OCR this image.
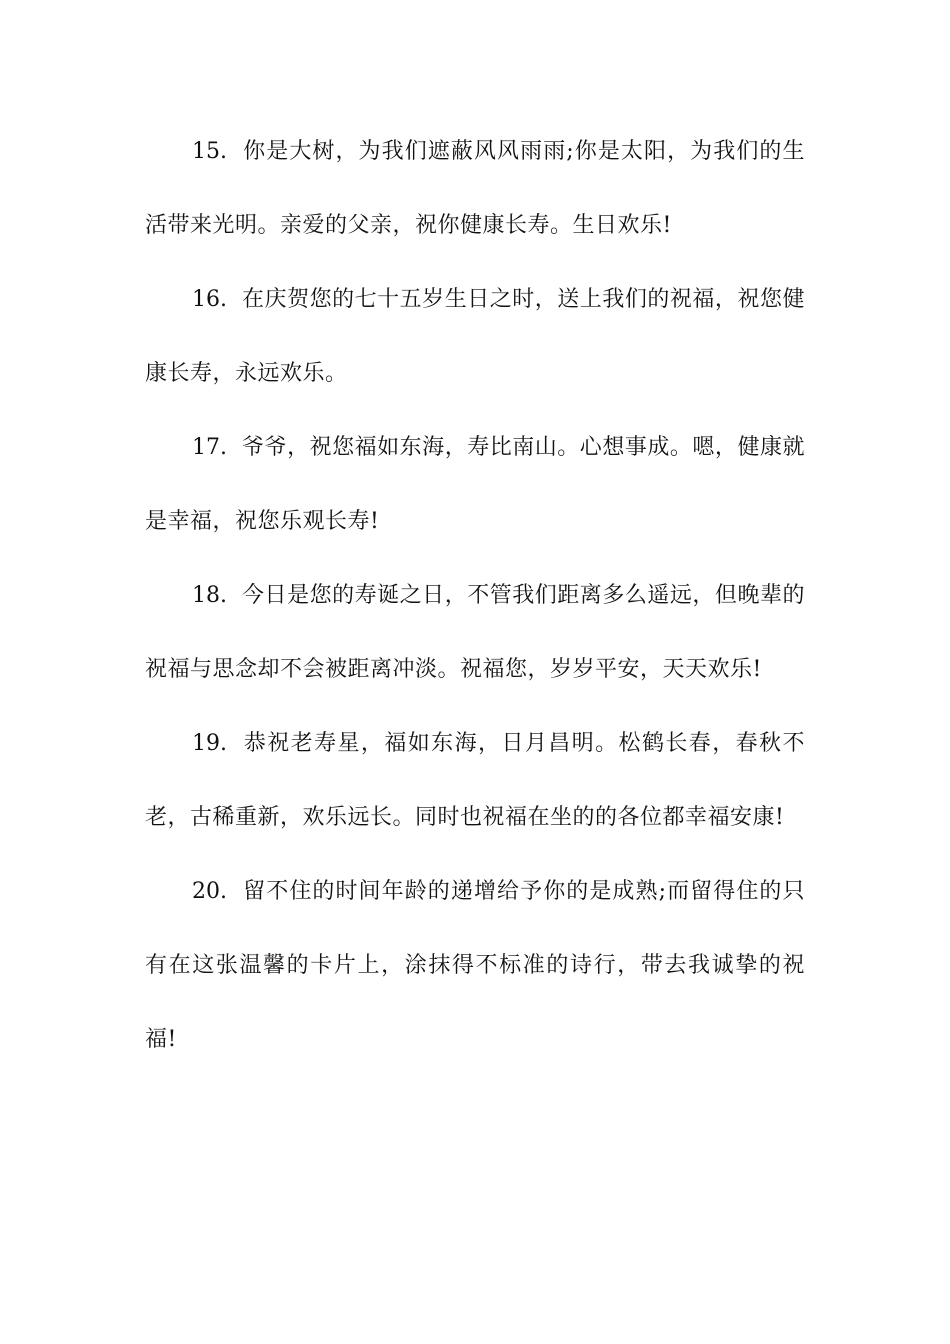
15. 你是大树，为我们遮蔽风风雨雨;你是太阳，为我们的生活带来光明。亲爱的父亲，祝你健康长寿。生日欢乐!

16. 在庆贺您的七十五岁生日之时，送上我们的祝福，祝您健康长寿，永远欢乐。

17. 爷爷，祝您福如东海，寿比南山。心想事成。嗯，健康就是幸福，祝您乐观长寿!

18. 今日是您的寿诞之日，不管我们距离多么遥远，但晚辈的祝福与思念却不会被距离冲淡。祝福您，岁岁平安，天天欢乐!

19. 恭祝老寿星，福如东海，日月昌明。松鹤长春，春秋不老，古稀重新，欢乐远长。同时也祝福在坐的的各位都幸福安康!

20. 留不住的时间年龄的递增给予你的是成熟;而留得住的只有在这张温馨的卡片上，涂抹得不标准的诗行，带去我诚挚的祝福!
